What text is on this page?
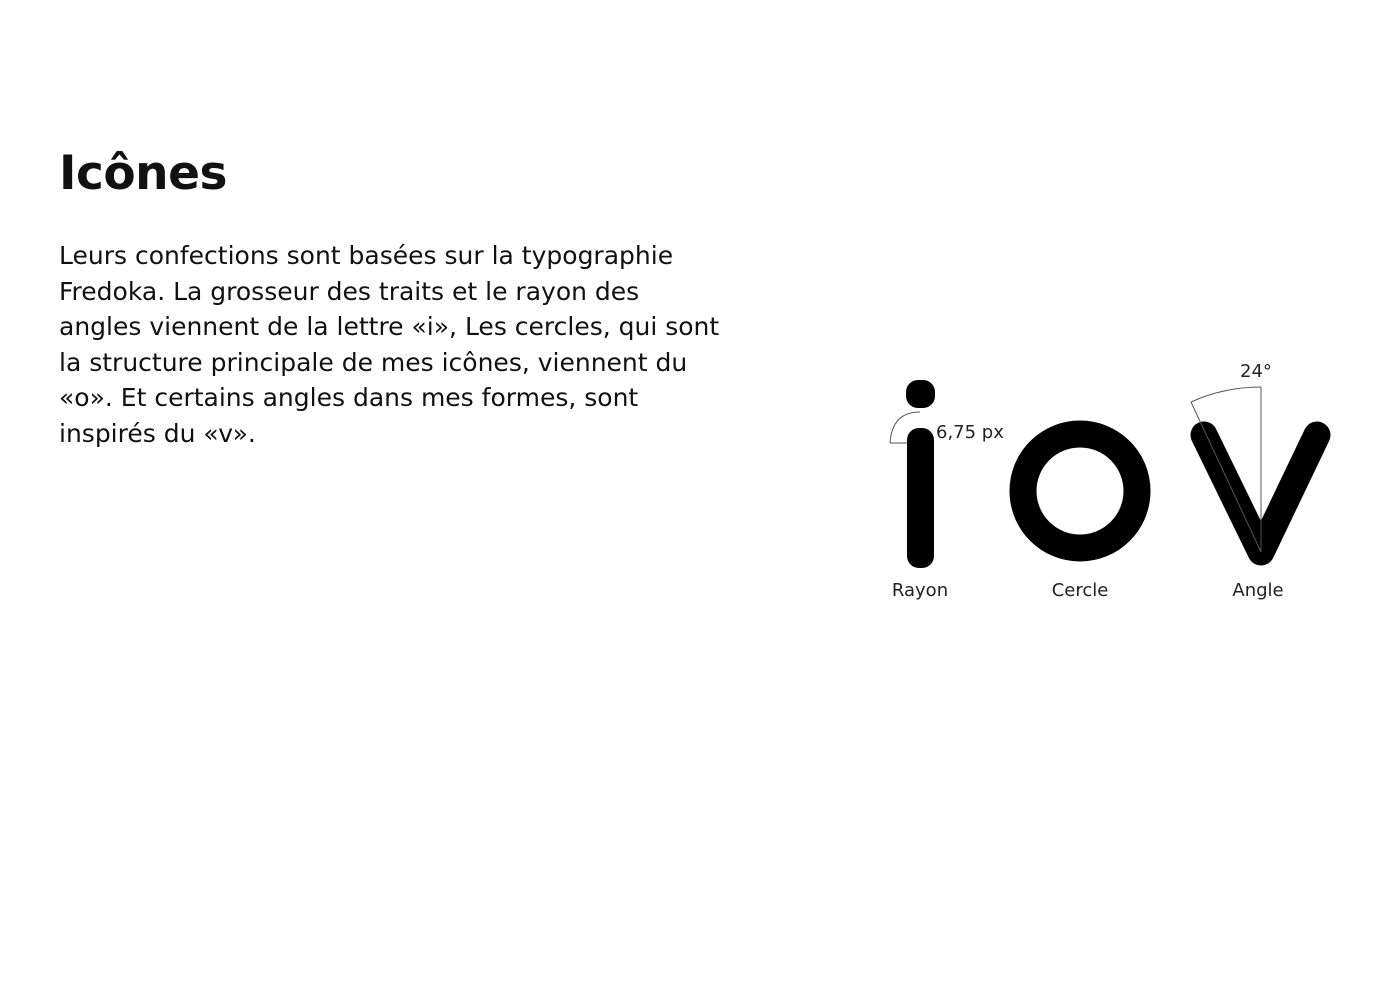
Icônes
Leurs confections sont basées sur la typographie
Fredoka. La grosseur des traits et le rayon des
angles viennent de la lettre «i», Les cercles, qui sont
la structure principale de mes icônes, viennent du
«o». Et certains angles dans mes formes, sont
inspirés du «v».	6,75 px
24°
Rayon	Cercle	Angle
